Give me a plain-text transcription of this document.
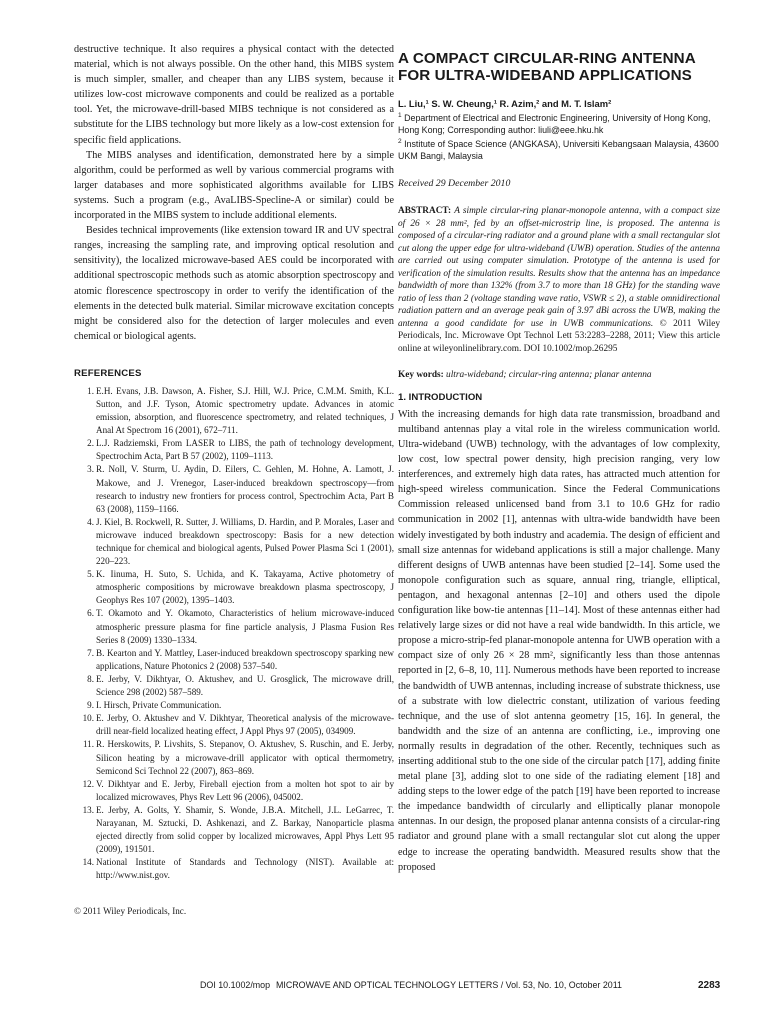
destructive technique. It also requires a physical contact with the detected material, which is not always possible. On the other hand, this MIBS system is much simpler, smaller, and cheaper than any LIBS system, because it utilizes low-cost microwave components and could be realized as a portable tool. Yet, the microwave-drill-based MIBS technique is not considered as a substitute for the LIBS technology but more likely as a low-cost extension for specific field applications.

The MIBS analyses and identification, demonstrated here by a simple algorithm, could be performed as well by various commercial programs with larger databases and more sophisticated algorithms available for LIBS systems. Such a program (e.g., AvaLIBS-Specline-A or similar) could be incorporated in the MIBS system to include additional elements.

Besides technical improvements (like extension toward IR and UV spectral ranges, increasing the sampling rate, and improving optical resolution and sensitivity), the localized microwave-based AES could be incorporated with additional spectroscopic methods such as atomic absorption spectroscopy and atomic florescence spectroscopy in order to verify the identification of the elements in the detected bulk material. Similar microwave excitation concepts might be considered also for the detection of larger molecules and even chemical or biological agents.

REFERENCES
1. E.H. Evans, J.B. Dawson, A. Fisher, S.J. Hill, W.J. Price, C.M.M. Smith, K.L. Sutton, and J.F. Tyson, Atomic spectrometry update. Advances in atomic emission, absorption, and fluorescence spectrometry, and related techniques, J Anal At Spectrom 16 (2001), 672–711.
2. L.J. Radziemski, From LASER to LIBS, the path of technology development, Spectrochim Acta, Part B 57 (2002), 1109–1113.
3. R. Noll, V. Sturm, U. Aydin, D. Eilers, C. Gehlen, M. Hohne, A. Lamott, J. Makowe, and J. Vrenegor, Laser-induced breakdown spectroscopy—from research to industry new frontiers for process control, Spectrochim Acta, Part B 63 (2008), 1159–1166.
4. J. Kiel, B. Rockwell, R. Sutter, J. Williams, D. Hardin, and P. Morales, Laser and microwave induced breakdown spectroscopy: Basis for a new detection technique for chemical and biological agents, Pulsed Power Plasma Sci 1 (2001), 220–223.
5. K. Iinuma, H. Suto, S. Uchida, and K. Takayama, Active photometry of atmospheric compositions by microwave breakdown plasma spectroscopy, J Geophys Res 107 (2002), 1395–1403.
6. T. Okamoto and Y. Okamoto, Characteristics of helium microwave-induced atmospheric pressure plasma for fine particle analysis, J Plasma Fusion Res Series 8 (2009) 1330–1334.
7. B. Kearton and Y. Mattley, Laser-induced breakdown spectroscopy sparking new applications, Nature Photonics 2 (2008) 537–540.
8. E. Jerby, V. Dikhtyar, O. Aktushev, and U. Grosglick, The microwave drill, Science 298 (2002) 587–589.
9. I. Hirsch, Private Communication.
10. E. Jerby, O. Aktushev and V. Dikhtyar, Theoretical analysis of the microwave-drill near-field localized heating effect, J Appl Phys 97 (2005), 034909.
11. R. Herskowits, P. Livshits, S. Stepanov, O. Aktushev, S. Ruschin, and E. Jerby, Silicon heating by a microwave-drill applicator with optical thermometry, Semicond Sci Technol 22 (2007), 863–869.
12. V. Dikhtyar and E. Jerby, Fireball ejection from a molten hot spot to air by localized microwaves, Phys Rev Lett 96 (2006), 045002.
13. E. Jerby, A. Golts, Y. Shamir, S. Wonde, J.B.A. Mitchell, J.L. LeGarrec, T. Narayanan, M. Sztucki, D. Ashkenazi, and Z. Barkay, Nanoparticle plasma ejected directly from solid copper by localized microwaves, Appl Phys Lett 95 (2009), 191501.
14. National Institute of Standards and Technology (NIST). Available at: http://www.nist.gov.
© 2011 Wiley Periodicals, Inc.
A COMPACT CIRCULAR-RING ANTENNA
FOR ULTRA-WIDEBAND APPLICATIONS
L. Liu,¹ S. W. Cheung,¹ R. Azim,² and M. T. Islam²
$^1$ Department of Electrical and Electronic Engineering, University of Hong Kong, Hong Kong; Corresponding author: liuli@eee.hku.hk
$^2$ Institute of Space Science (ANGKASA), Universiti Kebangsaan Malaysia, 43600 UKM Bangi, Malaysia
Received 29 December 2010
ABSTRACT: A simple circular-ring planar-monopole antenna, with a compact size of 26 × 28 mm², fed by an offset-microstrip line, is proposed. The antenna is composed of a circular-ring radiator and a ground plane with a small rectangular slot cut along the upper edge for ultra-wideband (UWB) operation. Studies of the antenna are carried out using computer simulation. Prototype of the antenna is used for verification of the simulation results. Results show that the antenna has an impedance bandwidth of more than 132% (from 3.7 to more than 18 GHz) for the standing wave ratio of less than 2 (voltage standing wave ratio, VSWR ≤ 2), a stable omnidirectional radiation pattern and an average peak gain of 3.97 dBi across the UWB, making the antenna a good candidate for use in UWB communications. © 2011 Wiley Periodicals, Inc. Microwave Opt Technol Lett 53:2283–2288, 2011; View this article online at wileyonlinelibrary.com. DOI 10.1002/mop.26295
Key words: ultra-wideband; circular-ring antenna; planar antenna
1. INTRODUCTION

With the increasing demands for high data rate transmission, broadband and multiband antennas play a vital role in the wireless communication world. Ultra-wideband (UWB) technology, with the advantages of low complexity, low cost, low spectral power density, high precision ranging, very low interferences, and extremely high data rates, has attracted much attention for high-speed wireless communication. Since the Federal Communications Commission released unlicensed band from 3.1 to 10.6 GHz for radio communication in 2002 [1], antennas with ultra-wide bandwidth have been widely investigated by both industry and academia. The design of efficient and small size antennas for wideband applications is still a major challenge. Many different designs of UWB antennas have been studied [2–14]. Some used the monopole configuration such as square, annual ring, triangle, elliptical, pentagon, and hexagonal antennas [2–10] and others used the dipole configuration like bow-tie antennas [11–14]. Most of these antennas either had relatively large sizes or did not have a real wide bandwidth. In this article, we propose a micro-strip-fed planar-monopole antenna for UWB operation with a compact size of only 26 × 28 mm², significantly less than those antennas reported in [2, 6–8, 10, 11]. Numerous methods have been reported to increase the bandwidth of UWB antennas, including increase of substrate thickness, use of a substrate with low dielectric constant, utilization of various feeding technique, and the use of slot antenna geometry [15, 16]. In general, the bandwidth and the size of an antenna are conflicting, i.e., improving one normally results in degradation of the other. Recently, techniques such as inserting additional stub to the one side of the circular patch [17], adding finite metal plane [3], adding slot to one side of the radiating element [18] and adding steps to the lower edge of the patch [19] have been reported to increase the impedance bandwidth of circularly and elliptically planar monopole antennas. In our design, the proposed planar antenna consists of a circular-ring radiator and ground plane with a small rectangular slot cut along the upper edge to increase the operating bandwidth. Measured results show that the proposed

DOI 10.1002/mop MICROWAVE AND OPTICAL TECHNOLOGY LETTERS / Vol. 53, No. 10, October 2011	2283
